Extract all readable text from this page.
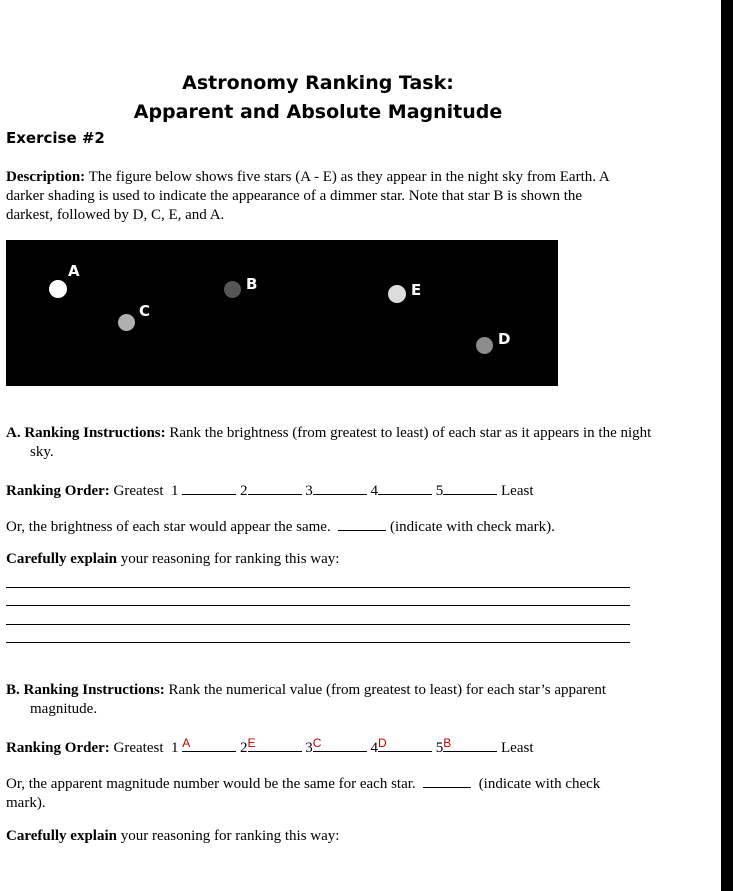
Astronomy Ranking Task:
Apparent and Absolute Magnitude
Exercise #2
Description: The figure below shows five stars (A - E) as they appear in the night sky from Earth. A darker shading is used to indicate the appearance of a dimmer star. Note that star B is shown the darkest, followed by D, C, E, and A.
A
B
C
D
E
A. Ranking Instructions: Rank the brightness (from greatest to least) of each star as it appears in the night sky.
Ranking Order: Greatest 1	2	3	4	5	Least
Or, the brightness of each star would appear the same.	(indicate with check mark).
Carefully explain your reasoning for ranking this way:
B. Ranking Instructions: Rank the numerical value (from greatest to least) for each star’s apparent magnitude.
Ranking Order: Greatest 1 A	2 E	3 C	4 D	5 B	Least
Or, the apparent magnitude number would be the same for each star.	(indicate with check mark).
Carefully explain your reasoning for ranking this way:
